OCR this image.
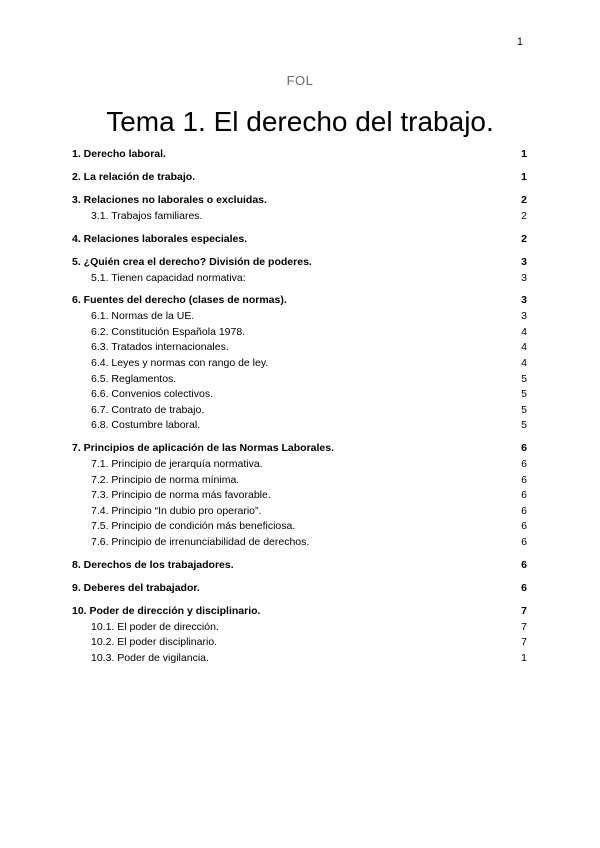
1
FOL
Tema 1. El derecho del trabajo.
1. Derecho laboral.	1
2. La relación de trabajo.	1
3. Relaciones no laborales o excluidas.	2
3.1. Trabajos familiares.	2
4. Relaciones laborales especiales.	2
5. ¿Quién crea el derecho? División de poderes.	3
5.1. Tienen capacidad normativa:	3
6. Fuentes del derecho (clases de normas).	3
6.1. Normas de la UE.	3
6.2. Constitución Española 1978.	4
6.3. Tratados internacionales.	4
6.4. Leyes y normas con rango de ley.	4
6.5. Reglamentos.	5
6.6. Convenios colectivos.	5
6.7. Contrato de trabajo.	5
6.8. Costumbre laboral.	5
7. Principios de aplicación de las Normas Laborales.	6
7.1. Principio de jerarquía normativa.	6
7.2. Principio de norma mínima.	6
7.3. Principio de norma más favorable.	6
7.4. Principio “In dubio pro operario”.	6
7.5. Principio de condición más beneficiosa.	6
7.6. Principio de irrenunciabilidad de derechos.	6
8. Derechos de los trabajadores.	6
9. Deberes del trabajador.	6
10. Poder de dirección y disciplinario.	7
10.1. El poder de dirección.	7
10.2. El poder disciplinario.	7
10.3. Poder de vigilancia.	1
